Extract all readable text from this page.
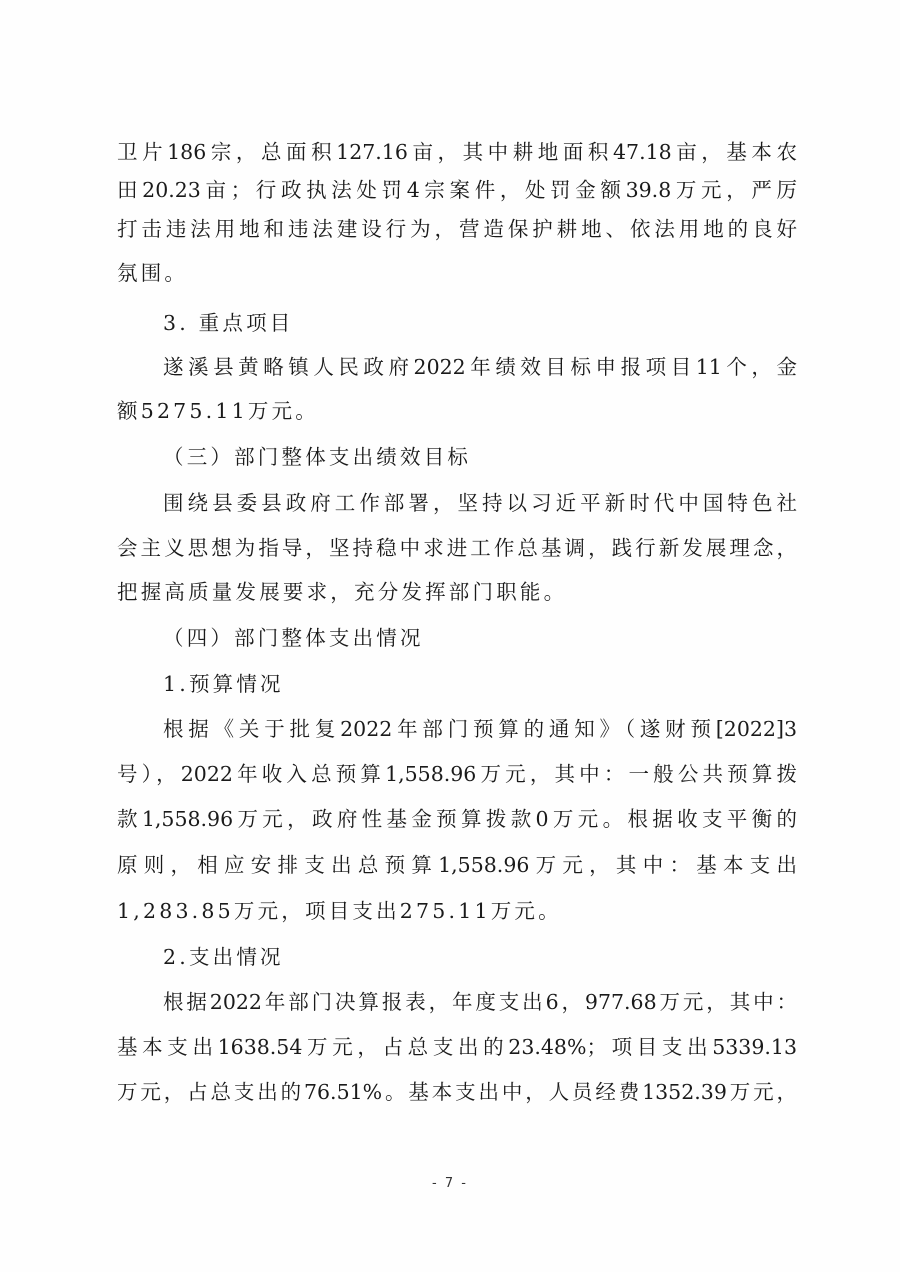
卫片186宗，总面积127.16亩，其中耕地面积47.18亩，基本农
田20.23亩；行政执法处罚4宗案件，处罚金额39.8万元，严厉
打击违法用地和违法建设行为，营造保护耕地、依法用地的良好
氛围。
3. 重点项目
遂溪县黄略镇人民政府2022年绩效目标申报项目11个，金
额5275.11万元。
（三）部门整体支出绩效目标
围绕县委县政府工作部署，坚持以习近平新时代中国特色社
会主义思想为指导，坚持稳中求进工作总基调，践行新发展理念，
把握高质量发展要求，充分发挥部门职能。
（四）部门整体支出情况
1.预算情况
根据《关于批复2022年部门预算的通知》（遂财预[2022]3
号），2022年收入总预算1,558.96万元，其中：一般公共预算拨
款1,558.96万元，政府性基金预算拨款0万元。根据收支平衡的
原则，相应安排支出总预算1,558.96万元，其中：基本支出
1,283.85万元，项目支出275.11万元。
2.支出情况
根据2022年部门决算报表，年度支出6，977.68万元，其中：
基本支出1638.54万元，占总支出的23.48%；项目支出5339.13
万元，占总支出的76.51%。基本支出中，人员经费1352.39万元，
- 7 -
